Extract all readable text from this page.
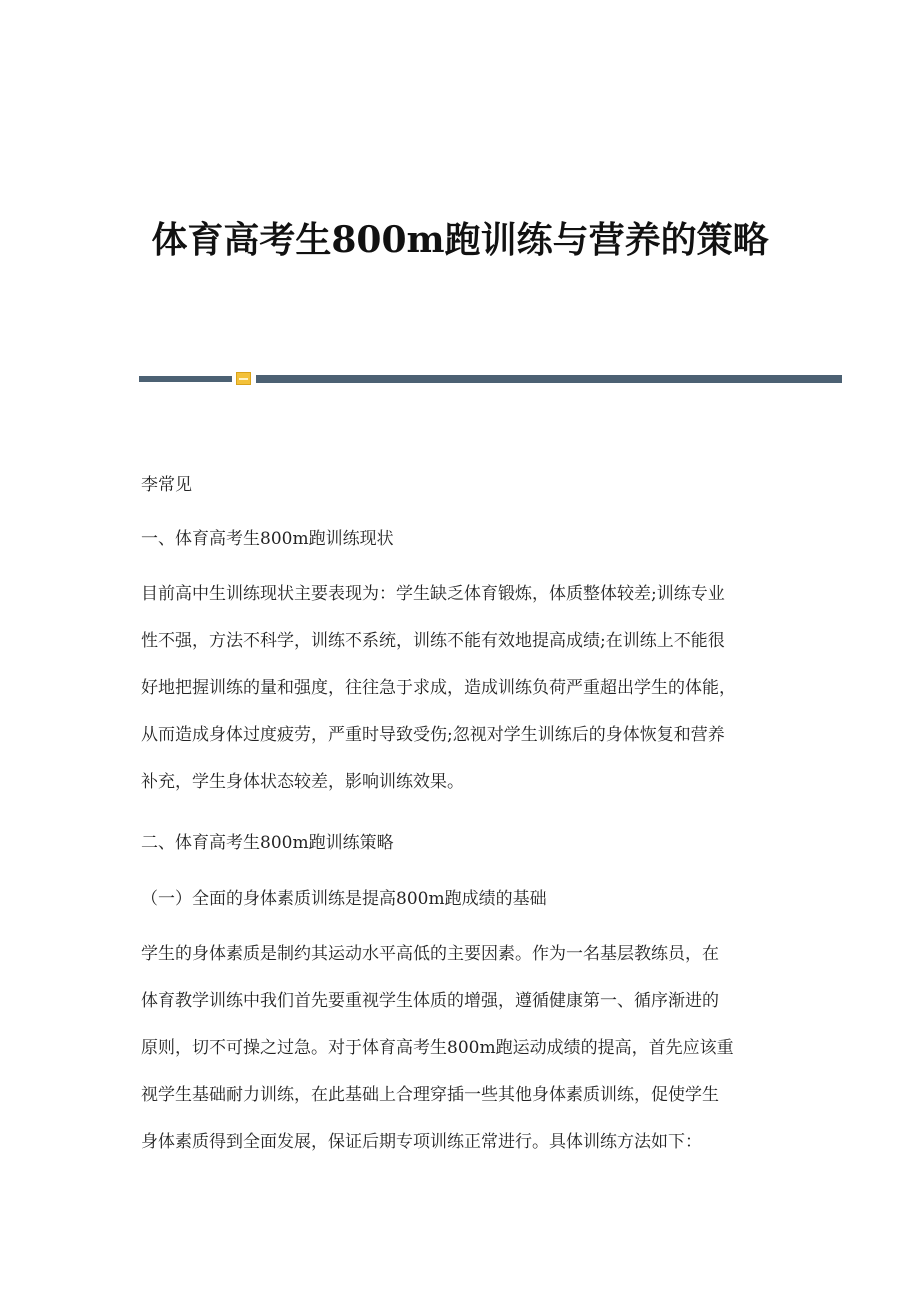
体育高考生800m跑训练与营养的策略
李常见
一、体育高考生800m跑训练现状
目前高中生训练现状主要表现为：学生缺乏体育锻炼，体质整体较差;训练专业
性不强，方法不科学，训练不系统，训练不能有效地提高成绩;在训练上不能很
好地把握训练的量和强度，往往急于求成，造成训练负荷严重超出学生的体能，
从而造成身体过度疲劳，严重时导致受伤;忽视对学生训练后的身体恢复和营养
补充，学生身体状态较差，影响训练效果。
二、体育高考生800m跑训练策略
（一）全面的身体素质训练是提高800m跑成绩的基础
学生的身体素质是制约其运动水平高低的主要因素。作为一名基层教练员，在
体育教学训练中我们首先要重视学生体质的增强，遵循健康第一、循序渐进的
原则，切不可操之过急。对于体育高考生800m跑运动成绩的提高，首先应该重
视学生基础耐力训练，在此基础上合理穿插一些其他身体素质训练，促使学生
身体素质得到全面发展，保证后期专项训练正常进行。具体训练方法如下：
